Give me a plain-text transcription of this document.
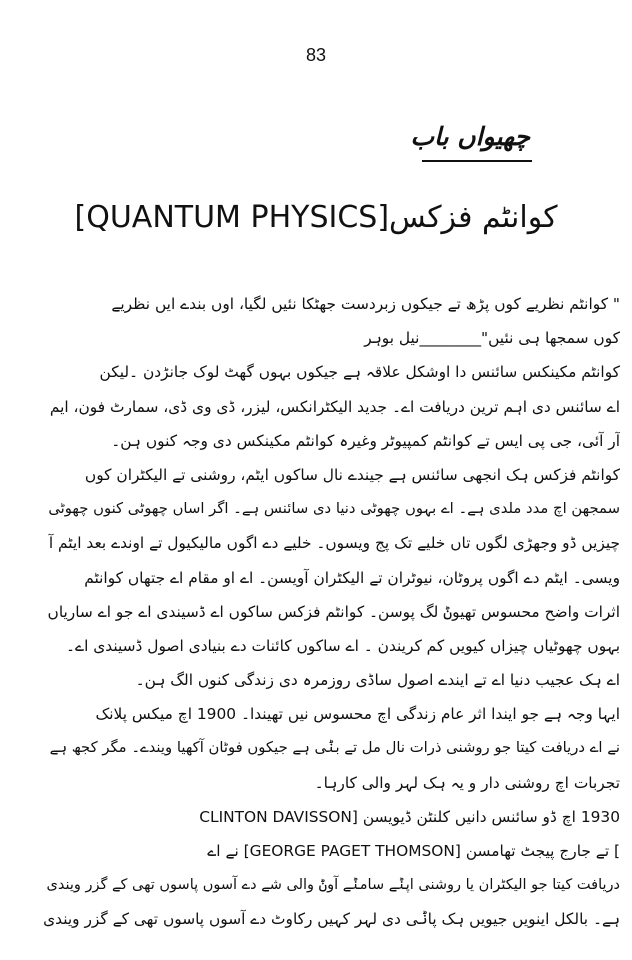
83
چھیواں باب
کوانٹم فزکس[QUANTUM PHYSICS]
" کوانٹم نظریے کوں پڑھ تے جیکوں زبردست جھٹکا نئیں لگیا، اوں بندے ایں نظریے
کوں سمجھا ہی نئیں"________نیل بوہر
کوانٹم مکینکس سائنس دا اوشکل علاقہ ہے جیکوں بہوں گھٹ لوک جانڑدن ۔لیکن
اے سائنس دی اہم ترین دریافت اے۔ جدید الیکٹرانکس، لیزر، ڈی وی ڈی، سمارٹ فون، ایم
آر آئی، جی پی ایس تے کوانٹم کمپیوٹر وغیرہ کوانٹم مکینکس دی وجہ کنوں ہن۔
کوانٹم فزکس ہک انجھی سائنس ہے جیندے نال ساکوں ایٹم، روشنی تے الیکٹران کوں
سمجھن اچ مدد ملدی ہے۔ اے بہوں چھوٹی دنیا دی سائنس ہے۔ اگر اساں چھوٹی کنوں چھوٹی
چیزیں ڈو وجھڑی لگوں تاں خلیے تک پج ویسوں۔ خلیے دے اگوں مالیکیول تے اوندے بعد ایٹم آ
ویسی۔ ایٹم دے اگوں پروٹان، نیوٹران تے الیکٹران آویسن۔ اے او مقام اے جتھاں کوانٹم
اثرات واضح محسوس تھیوݨ لگ پوسن۔ کوانٹم فزکس ساکوں اے ڈسیندی اے جو اے ساریاں
بہوں چھوٹیاں چیزاں کیویں کم کریندن ۔ اے ساکوں کائنات دے بنیادی اصول ڈسیندی اے۔
اے ہک عجیب دنیا اے تے ایندے اصول ساڈی روزمرہ دی زندگی کنوں الگ ہن۔
ایہا وجہ ہے جو ایندا اثر عام زندگی اچ محسوس نیں تھیندا۔ 1900 اچ میکس پلانک
نے اے دریافت کیتا جو روشنی ذرات نال مل تے بݨی ہے جیکوں فوٹان آکھیا ویندے۔ مگر کجھ ہے
تجربات اچ روشنی دار و یہ ہک لہر والی کارہا۔
1930 اچ ڈو سائنس دانیں کلنٹن ڈیویسن [CLINTON DAVISSON
] تے جارج پیجٹ تھامسن [GEORGE PAGET THOMSON] نے اے
دریافت کیتا جو الیکٹران یا روشنی اپݨے سامݨے آوݨ والی شے دے آسوں پاسوں تھی کے گزر ویندی
ہے۔ بالکل اینویں جیویں ہک پاݨی دی لہر کہیں رکاوٹ دے آسوں پاسوں تھی کے گزر ویندی
